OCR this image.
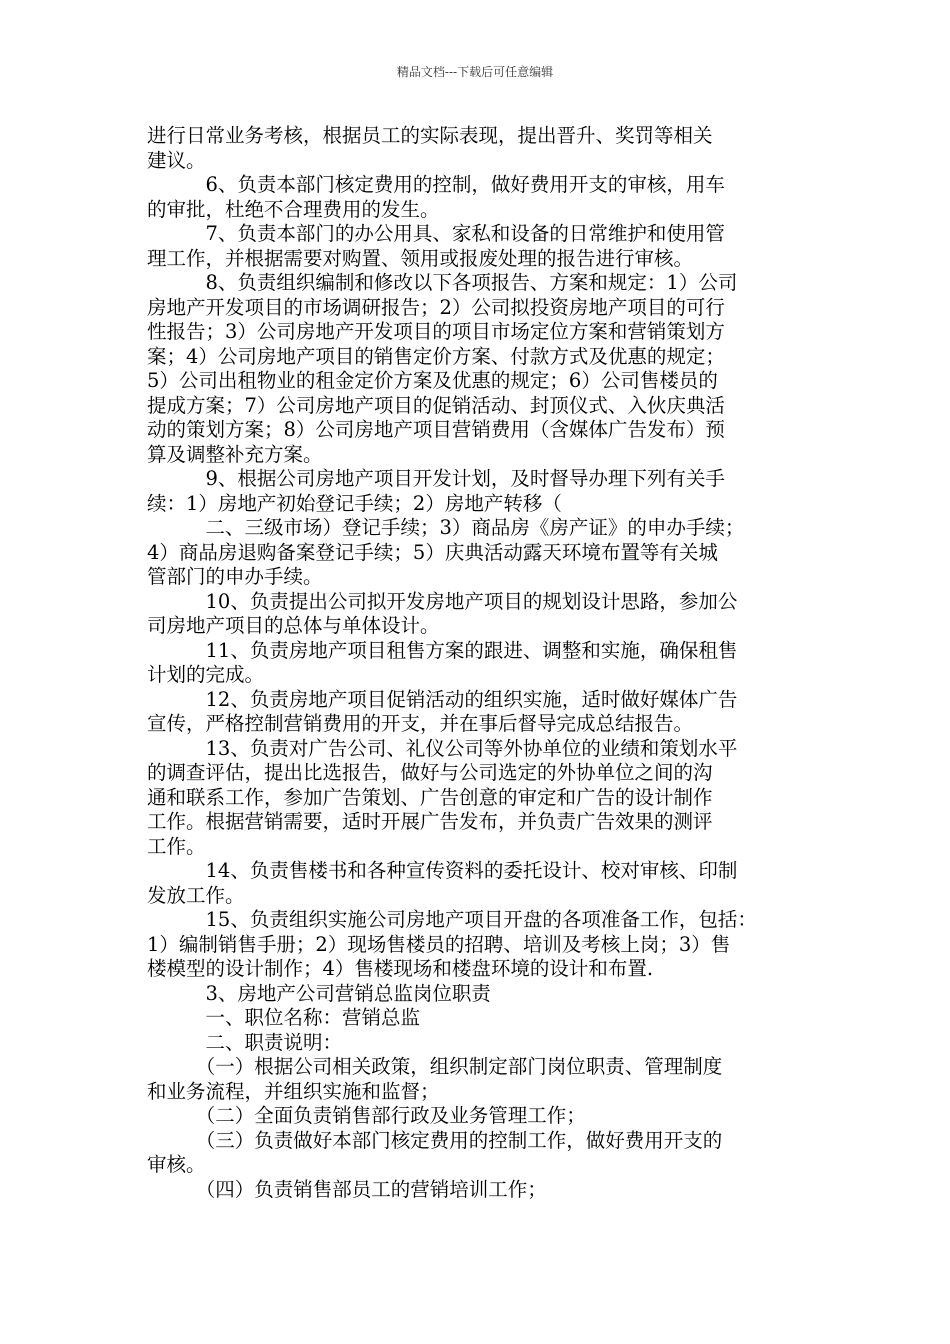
精品文档---下载后可任意编辑

进行日常业务考核，根据员工的实际表现，提出晋升、奖罚等相关

建议。

　　　6、负责本部门核定费用的控制，做好费用开支的审核，用车

的审批，杜绝不合理费用的发生。

　　　7、负责本部门的办公用具、家私和设备的日常维护和使用管

理工作，并根据需要对购置、领用或报废处理的报告进行审核。

　　　8、负责组织编制和修改以下各项报告、方案和规定：1）公司

房地产开发项目的市场调研报告；2）公司拟投资房地产项目的可行

性报告；3）公司房地产开发项目的项目市场定位方案和营销策划方

案；4）公司房地产项目的销售定价方案、付款方式及优惠的规定；

5）公司出租物业的租金定价方案及优惠的规定；6）公司售楼员的

提成方案；7）公司房地产项目的促销活动、封顶仪式、入伙庆典活

动的策划方案；8）公司房地产项目营销费用（含媒体广告发布）预

算及调整补充方案。

　　　9、根据公司房地产项目开发计划，及时督导办理下列有关手

续：1）房地产初始登记手续；2）房地产转移（

　　　二、三级市场）登记手续；3）商品房《房产证》的申办手续；

4）商品房退购备案登记手续；5）庆典活动露天环境布置等有关城

管部门的申办手续。

　　　10、负责提出公司拟开发房地产项目的规划设计思路，参加公

司房地产项目的总体与单体设计。

　　　11、负责房地产项目租售方案的跟进、调整和实施，确保租售

计划的完成。

　　　12、负责房地产项目促销活动的组织实施，适时做好媒体广告

宣传，严格控制营销费用的开支，并在事后督导完成总结报告。

　　　13、负责对广告公司、礼仪公司等外协单位的业绩和策划水平

的调查评估，提出比选报告，做好与公司选定的外协单位之间的沟

通和联系工作，参加广告策划、广告创意的审定和广告的设计制作

工作。根据营销需要，适时开展广告发布，并负责广告效果的测评

工作。

　　　14、负责售楼书和各种宣传资料的委托设计、校对审核、印制

发放工作。

　　　15、负责组织实施公司房地产项目开盘的各项准备工作，包括：

1）编制销售手册；2）现场售楼员的招聘、培训及考核上岗；3）售

楼模型的设计制作；4）售楼现场和楼盘环境的设计和布置.

　　　3、房地产公司营销总监岗位职责

　　　一、职位名称：营销总监

　　　二、职责说明：

　　　（一）根据公司相关政策，组织制定部门岗位职责、管理制度

和业务流程，并组织实施和监督；

　　　（二）全面负责销售部行政及业务管理工作；

　　　（三）负责做好本部门核定费用的控制工作，做好费用开支的

审核。

　　　（四）负责销售部员工的营销培训工作；
